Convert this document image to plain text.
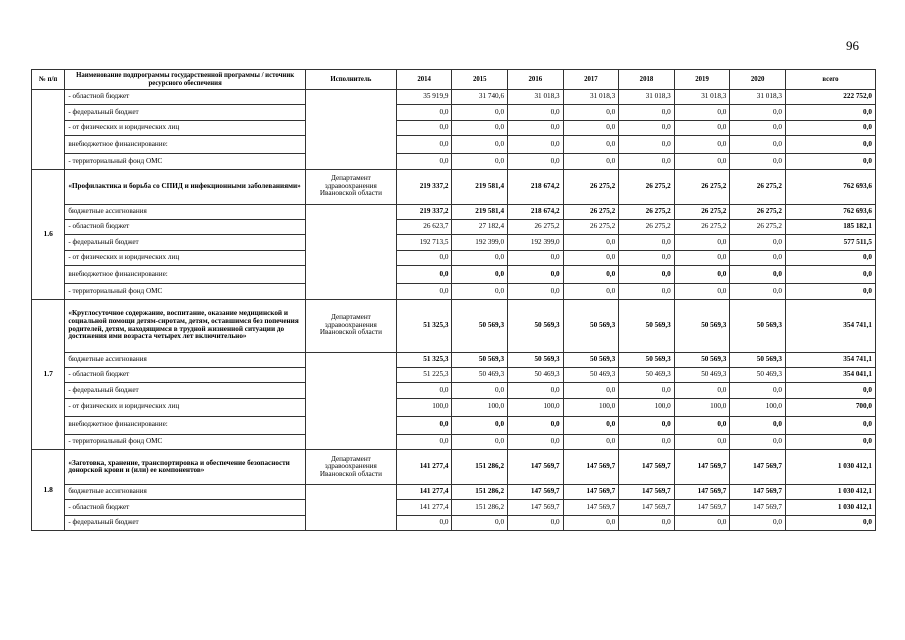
96
№ п/п	Наименование подпрограммы государственной программы / источник ресурсного обеспечения	Исполнитель	2014	2015	2016	2017	2018	2019	2020	всего
	- областной бюджет		35 919,9	31 740,6	31 018,3	31 018,3	31 018,3	31 018,3	31 018,3	222 752,0
	- федеральный бюджет		0,0	0,0	0,0	0,0	0,0	0,0	0,0	0,0
	- от физических и юридических лиц		0,0	0,0	0,0	0,0	0,0	0,0	0,0	0,0
	внебюджетное финансирование:		0,0	0,0	0,0	0,0	0,0	0,0	0,0	0,0
	- территориальный фонд ОМС		0,0	0,0	0,0	0,0	0,0	0,0	0,0	0,0
1.6	«Профилактика и борьба со СПИД и инфекционными заболеваниями»	Департамент здравоохранения Ивановской области	219 337,2	219 581,4	218 674,2	26 275,2	26 275,2	26 275,2	26 275,2	762 693,6
	бюджетные ассигнования		219 337,2	219 581,4	218 674,2	26 275,2	26 275,2	26 275,2	26 275,2	762 693,6
	- областной бюджет		26 623,7	27 182,4	26 275,2	26 275,2	26 275,2	26 275,2	26 275,2	185 182,1
	- федеральный бюджет		192 713,5	192 399,0	192 399,0	0,0	0,0	0,0	0,0	577 511,5
	- от физических и юридических лиц		0,0	0,0	0,0	0,0	0,0	0,0	0,0	0,0
	внебюджетное финансирование:		0,0	0,0	0,0	0,0	0,0	0,0	0,0	0,0
	- территориальный фонд ОМС		0,0	0,0	0,0	0,0	0,0	0,0	0,0	0,0
1.7	«Круглосуточное содержание, воспитание, оказание медицинской и социальной помощи детям-сиротам, детям, оставшимся без попечения родителей, детям, находящимся в трудной жизненной ситуации до достижения ими возраста четырех лет включительно»	Департамент здравоохранения Ивановской области	51 325,3	50 569,3	50 569,3	50 569,3	50 569,3	50 569,3	50 569,3	354 741,1
	бюджетные ассигнования		51 325,3	50 569,3	50 569,3	50 569,3	50 569,3	50 569,3	50 569,3	354 741,1
	- областной бюджет		51 225,3	50 469,3	50 469,3	50 469,3	50 469,3	50 469,3	50 469,3	354 041,1
	- федеральный бюджет		0,0	0,0	0,0	0,0	0,0	0,0	0,0	0,0
	- от физических и юридических лиц		100,0	100,0	100,0	100,0	100,0	100,0	100,0	700,0
	внебюджетное финансирование:		0,0	0,0	0,0	0,0	0,0	0,0	0,0	0,0
	- территориальный фонд ОМС		0,0	0,0	0,0	0,0	0,0	0,0	0,0	0,0
1.8	«Заготовка, хранение, транспортировка и обеспечение безопасности донорской крови и (или) ее компонентов»	Департамент здравоохранения Ивановской области	141 277,4	151 286,2	147 569,7	147 569,7	147 569,7	147 569,7	147 569,7	1 030 412,1
	бюджетные ассигнования		141 277,4	151 286,2	147 569,7	147 569,7	147 569,7	147 569,7	147 569,7	1 030 412,1
	- областной бюджет		141 277,4	151 286,2	147 569,7	147 569,7	147 569,7	147 569,7	147 569,7	1 030 412,1
	- федеральный бюджет		0,0	0,0	0,0	0,0	0,0	0,0	0,0	0,0
